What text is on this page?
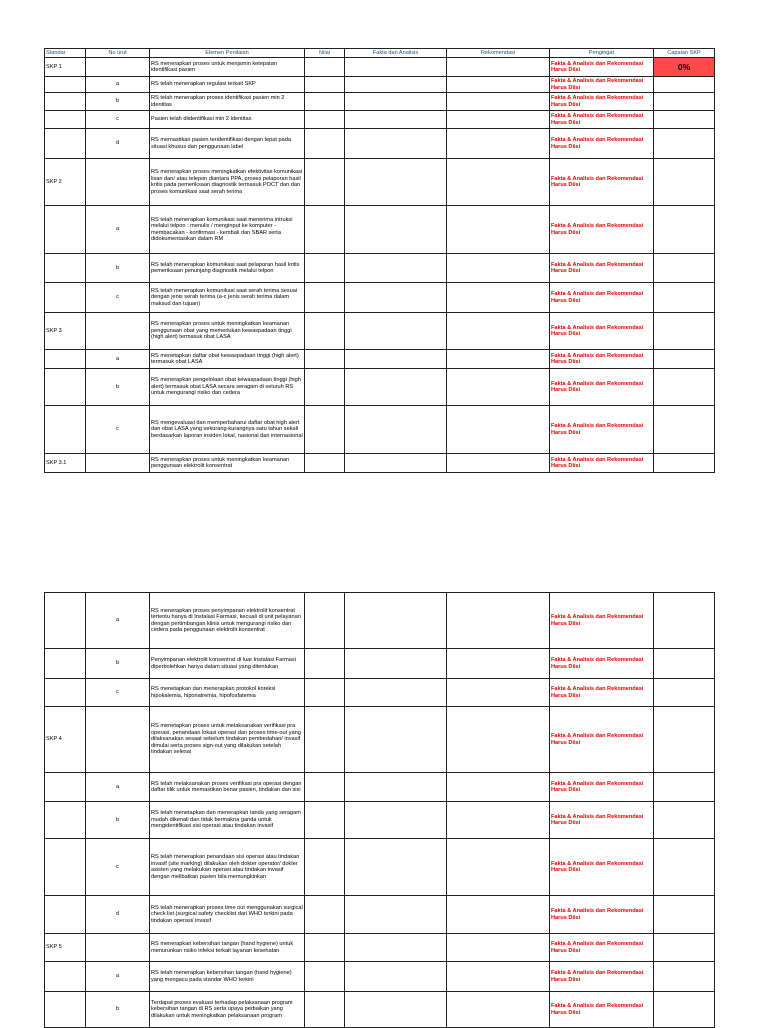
Standar	No urut	Elemen Penilaian	Nilai	Fakta dan Analisis	Rekomendasi	Pengingat	Capaian SKP
SKP 1		RS menerapkan proses untuk menjamin ketepatan identifikasi pasien				Fakta & Analisis dan Rekomendasi Harus Diisi	0%
	a	RS telah menerapkan regulasi terkait SKP				Fakta & Analisis dan Rekomendasi Harus Diisi	
	b	RS telah menerapkan proses identifikasi pasien min 2 identitas				Fakta & Analisis dan Rekomendasi Harus Diisi	
	c	Pasien telah diidentifikasi min 2 identitas				Fakta & Analisis dan Rekomendasi Harus Diisi	
	d	RS memastikan pasien teridentifikasi dengan tepat pada situasi khusus dan penggunaan label				Fakta & Analisis dan Rekomendasi Harus Diisi	
SKP 2		RS menerapkan proses meningkatkan efektivitas komunikasi lisan dan/ atau telepon diantara PPA, proses pelaporan hasil kritis pada pemeriksaan diagnostik termasuk POCT dan dan proses komunikasi saat serah terima				Fakta & Analisis dan Rekomendasi Harus Diisi	
	a	RS telah menerapkan komunikasi saat menerima intruksi melalui telpon : menulis / menginput ke komputer - membacakan - konfirmasi - kembali dan SBAR serta didokumentasikan dalam RM				Fakta & Analisis dan Rekomendasi Harus Diisi	
	b	RS telah menerapkan komunikasi saat pelaporan hasil kritis pemeriksaan penunjang diagnostik melalui telpon				Fakta & Analisis dan Rekomendasi Harus Diisi	
	c	RS telah menerapkan komunikasi saat serah terima sesuai dengan jenis serah terima (a-c jenis serah terima dalam maksud dan tujuan)				Fakta & Analisis dan Rekomendasi Harus Diisi	
SKP 3		RS menerapkan proses untuk meningkatkan keamanan penggunaan obat yang memerlukan kewaspadaan tinggi (high alert) termasuk obat LASA				Fakta & Analisis dan Rekomendasi Harus Diisi	
	a	RS menetapkan daftar obat kewaspadaan tinggi (high alert) termasuk obat LASA				Fakta & Analisis dan Rekomendasi Harus Diisi	
	b	RS menerapkan pengelolaan obat kewaspadaan tinggi (high alert) termasuk obat LASA secara seragam di seluruh RS untuk mengurangi risiko dan cedera				Fakta & Analisis dan Rekomendasi Harus Diisi	
	c	RS mengevaluasi dan memperbaharui daftar obat high alert dan obat LASA yang sekurang-kurangnya satu tahun sekali berdasarkan laporan insiden lokal, nasional dan internasional				Fakta & Analisis dan Rekomendasi Harus Diisi	
SKP 3.1		RS menerapkan proses untuk meningkatkan keamanan penggunaan elektrolit konsentrat				Fakta & Analisis dan Rekomendasi Harus Diisi	
	a	RS menerapkan proses penyimpanan elektrolit konsentrat tertentu hanya di Instalasi Farmasi, kecuali di unit pelayanan dengan pertimbangan klinis untuk mengurangi risiko dan cedera pada penggunaan elektrolit konsentrat				Fakta & Analisis dan Rekomendasi Harus Diisi	
	b	Penyimpanan elektrolit konsentrat di luar Instalasi Farmasi diperbolehkan hanya dalam situasi yang ditentukan				Fakta & Analisis dan Rekomendasi Harus Diisi	
	c	RS menetapkan dan menerapkan protokol koreksi hipokalemia, hiponatremia, hipofosfatemia				Fakta & Analisis dan Rekomendasi Harus Diisi	
SKP 4		RS menetapkan proses untuk melaksanakan verifikasi pra operasi, penandaan lokasi operasi dan proses time-out yang dilaksanakan sesaat sebelum tindakan pembedahan/ invasif dimulai serta proses sign-out yang dilakukan setelah tindakan selesai				Fakta & Analisis dan Rekomendasi Harus Diisi	
	a	RS telah melaksanakan proses verifikasi pra operasi dengan daftar tilik untuk memastikan benar pasien, tindakan dan sisi				Fakta & Analisis dan Rekomendasi Harus Diisi	
	b	RS telah menetapkan dan menerapkan tanda yang seragam mudah dikenali dan tidak bermakna ganda untuk mengidentifikasi sisi operasi atau tindakan invasif				Fakta & Analisis dan Rekomendasi Harus Diisi	
	c	RS telah menerapkan penandaan sisi operasi atau tindakan invasif (site marking) dilakukan oleh dokter operator/ dokter asisten yang melakukan operasi atau tindakan invasif dengan melibatkan pasien bila memungkinkan				Fakta & Analisis dan Rekomendasi Harus Diisi	
	d	RS telah menerapkan proses time out menggunakan surgical check list (surgical safety checklist dari WHO terkini pada tindakan operasi/ invasif				Fakta & Analisis dan Rekomendasi Harus Diisi	
SKP 5		RS menerapkan kebersihan tangan (hand hygiene) untuk menurunkan risiko infeksi terkait layanan kesehatan				Fakta & Analisis dan Rekomendasi Harus Diisi	
	a	RS telah menerapkan kebersihan tangan (hand hygiene) yang mengacu pada standar WHO terkini				Fakta & Analisis dan Rekomendasi Harus Diisi	
	b	Terdapat proses evaluasi terhadap pelaksanaan program kebersihan tangan di RS serta upaya perbaikan yang dilakukan untuk meningkatkan pelaksanaan program				Fakta & Analisis dan Rekomendasi Harus Diisi	
